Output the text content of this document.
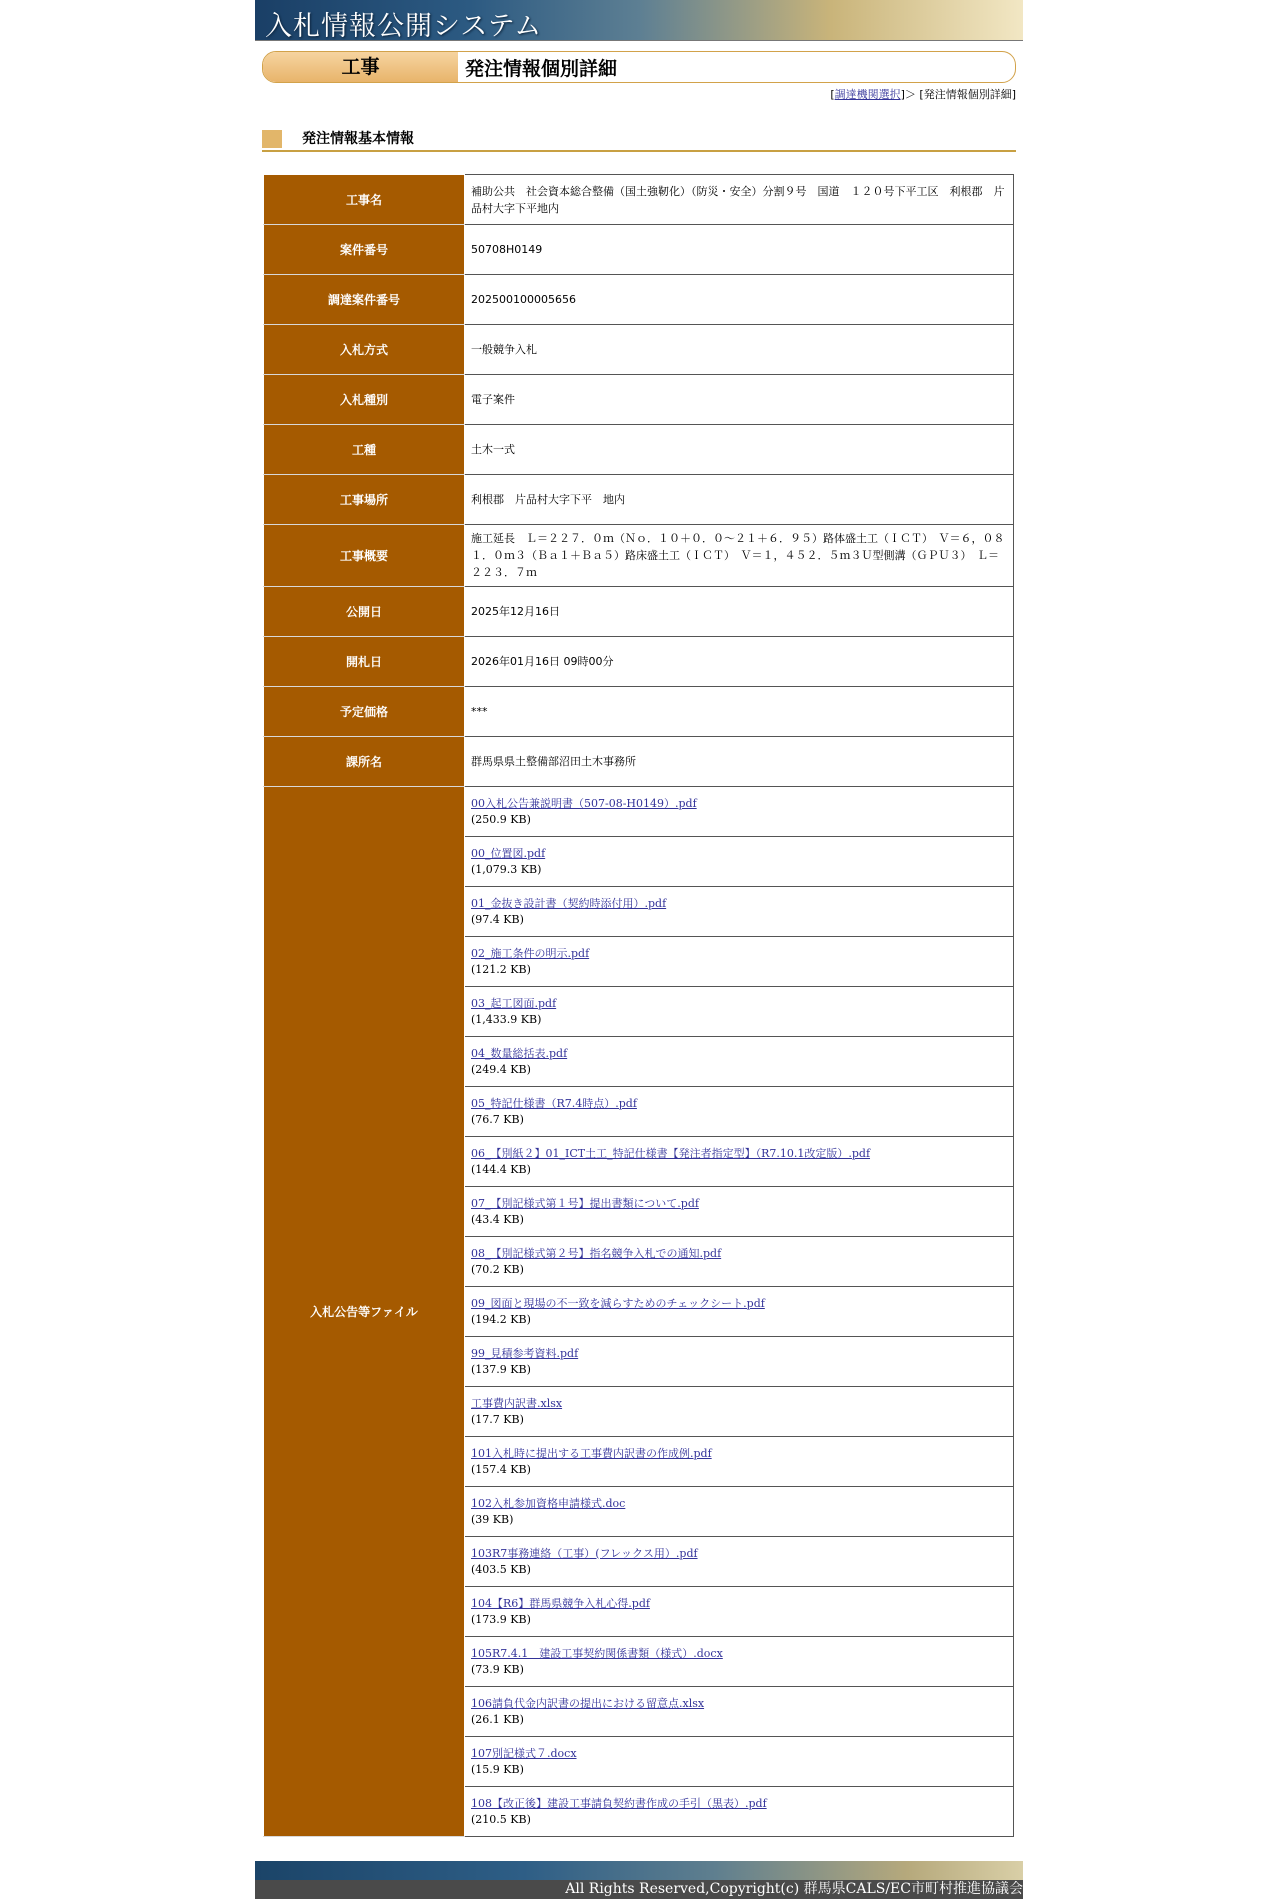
入札情報公開システム
工事	発注情報個別詳細
[調達機関選択]＞ [発注情報個別詳細]
発注情報基本情報
工事名	補助公共　社会資本総合整備（国土強靭化）（防災・安全）分割９号　国道　１２０号下平工区　利根郡　片品村大字下平地内
案件番号	50708H0149
調達案件番号	202500100005656
入札方式	一般競争入札
入札種別	電子案件
工種	土木一式
工事場所	利根郡　片品村大字下平　地内
工事概要	施工延長　Ｌ＝２２７．０ｍ（Ｎｏ．１０＋０．０～２１＋６．９５）路体盛土工（ＩＣＴ）　Ｖ＝６，０８１．０ｍ３（Ｂａ１＋Ｂａ５）路床盛土工（ＩＣＴ）　Ｖ＝１，４５２．５ｍ３Ｕ型側溝（ＧＰＵ３）　Ｌ＝２２３．７ｍ
公開日	2025年12月16日
開札日	2026年01月16日 09時00分
予定価格	***
課所名	群馬県県土整備部沼田土木事務所
入札公告等ファイル	00入札公告兼説明書（507-08-H0149）.pdf
(250.9 KB)

	00_位置図.pdf
(1,079.3 KB)

	01_金抜き設計書（契約時添付用）.pdf
(97.4 KB)

	02_施工条件の明示.pdf
(121.2 KB)

	03_起工図面.pdf
(1,433.9 KB)

	04_数量総括表.pdf
(249.4 KB)

	05_特記仕様書（R7.4時点）.pdf
(76.7 KB)

	06_【別紙２】01_ICT土工_特記仕様書【発注者指定型】（R7.10.1改定版）.pdf
(144.4 KB)

	07_【別記様式第１号】提出書類について.pdf
(43.4 KB)

	08_【別記様式第２号】指名競争入札での通知.pdf
(70.2 KB)

	09_図面と現場の不一致を減らすためのチェックシート.pdf
(194.2 KB)

	99_見積参考資料.pdf
(137.9 KB)

	工事費内訳書.xlsx
(17.7 KB)

	101入札時に提出する工事費内訳書の作成例.pdf
(157.4 KB)

	102入札参加資格申請様式.doc
(39 KB)

	103R7事務連絡（工事）(フレックス用）.pdf
(403.5 KB)

	104【R6】群馬県競争入札心得.pdf
(173.9 KB)

	105R7.4.1　建設工事契約関係書類（様式）.docx
(73.9 KB)

	106請負代金内訳書の提出における留意点.xlsx
(26.1 KB)

	107別記様式７.docx
(15.9 KB)

	108【改正後】建設工事請負契約書作成の手引（黒表）.pdf
(210.5 KB)
All Rights Reserved,Copyright(c) 群馬県CALS/EC市町村推進協議会
